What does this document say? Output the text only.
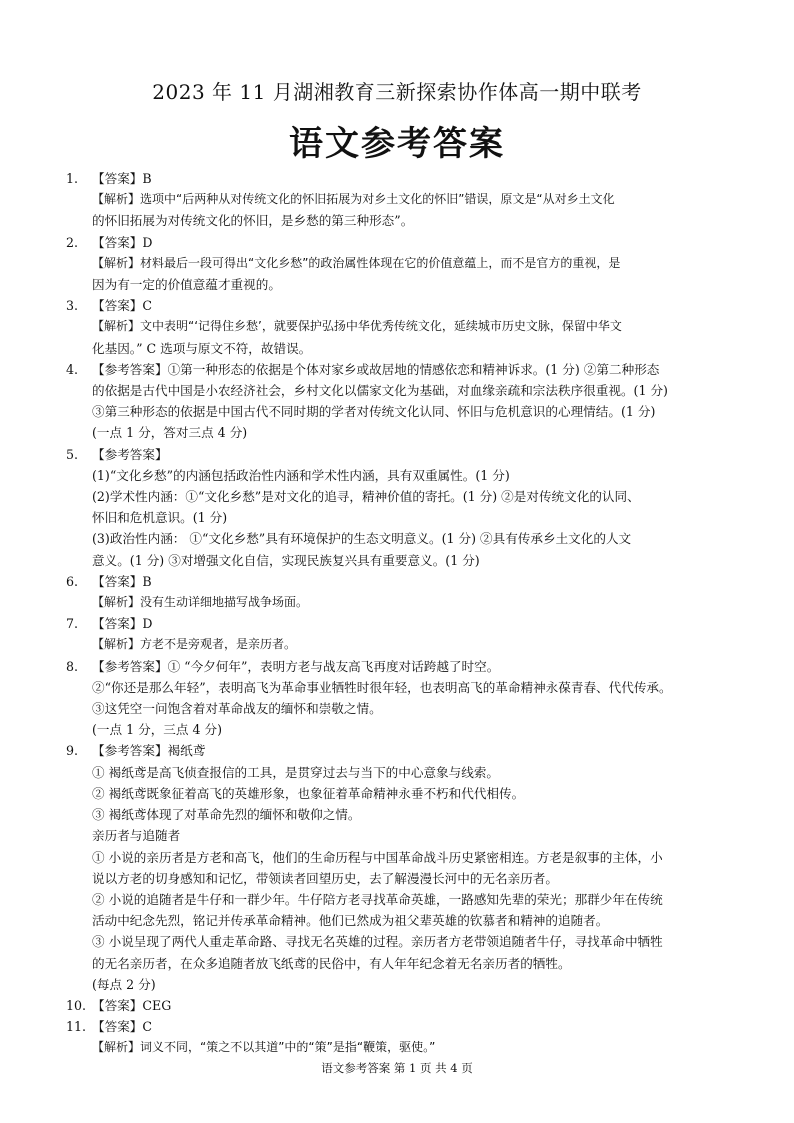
2023 年 11 月湖湘教育三新探索协作体高一期中联考
语文参考答案
1.	【答案】B
【解析】选项中“后两种从对传统文化的怀旧拓展为对乡土文化的怀旧”错误，原文是“从对乡土文化
的怀旧拓展为对传统文化的怀旧，是乡愁的第三种形态”。
2.	【答案】D
【解析】材料最后一段可得出“文化乡愁”的政治属性体现在它的价值意蕴上，而不是官方的重视，是
因为有一定的价值意蕴才重视的。
3.	【答案】C
【解析】文中表明“‘记得住乡愁’，就要保护弘扬中华优秀传统文化，延续城市历史文脉，保留中华文
化基因。” C 选项与原文不符，故错误。
4.	【参考答案】①第一种形态的依据是个体对家乡或故居地的情感依恋和精神诉求。(1 分) ②第二种形态
的依据是古代中国是小农经济社会，乡村文化以儒家文化为基础，对血缘亲疏和宗法秩序很重视。(1 分)
③第三种形态的依据是中国古代不同时期的学者对传统文化认同、怀旧与危机意识的心理情结。(1 分)
(一点 1 分，答对三点 4 分)
5.	【参考答案】
(1)“文化乡愁”的内涵包括政治性内涵和学术性内涵，具有双重属性。(1 分)
(2)学术性内涵：①“文化乡愁”是对文化的追寻，精神价值的寄托。(1 分) ②是对传统文化的认同、
怀旧和危机意识。(1 分)
(3)政治性内涵： ①“文化乡愁”具有环境保护的生态文明意义。(1 分) ②具有传承乡土文化的人文
意义。(1 分) ③对增强文化自信，实现民族复兴具有重要意义。(1 分)
6.	【答案】B
【解析】没有生动详细地描写战争场面。
7.	【答案】D
【解析】方老不是旁观者，是亲历者。
8.	【参考答案】① “今夕何年”，表明方老与战友高飞再度对话跨越了时空。
②“你还是那么年轻”，表明高飞为革命事业牺牲时很年轻，也表明高飞的革命精神永葆青春、代代传承。
③这凭空一问饱含着对革命战友的缅怀和崇敬之情。
(一点 1 分，三点 4 分)
9.	【参考答案】褐纸鸢
① 褐纸鸢是高飞侦查报信的工具，是贯穿过去与当下的中心意象与线索。
② 褐纸鸢既象征着高飞的英雄形象，也象征着革命精神永垂不朽和代代相传。
③ 褐纸鸢体现了对革命先烈的缅怀和敬仰之情。
亲历者与追随者
① 小说的亲历者是方老和高飞，他们的生命历程与中国革命战斗历史紧密相连。方老是叙事的主体，小
说以方老的切身感知和记忆，带领读者回望历史，去了解漫漫长河中的无名亲历者。
② 小说的追随者是牛仔和一群少年。牛仔陪方老寻找革命英雄，一路感知先辈的荣光；那群少年在传统
活动中纪念先烈，铭记并传承革命精神。他们已然成为祖父辈英雄的钦慕者和精神的追随者。
③ 小说呈现了两代人重走革命路、寻找无名英雄的过程。亲历者方老带领追随者牛仔，寻找革命中牺牲
的无名亲历者，在众多追随者放飞纸鸢的民俗中，有人年年纪念着无名亲历者的牺牲。
(每点 2 分)
10. 【答案】CEG
11. 【答案】C
【解析】词义不同，“策之不以其道”中的“策”是指“鞭策，驱使。”
语文参考答案 第 1 页 共 4 页
